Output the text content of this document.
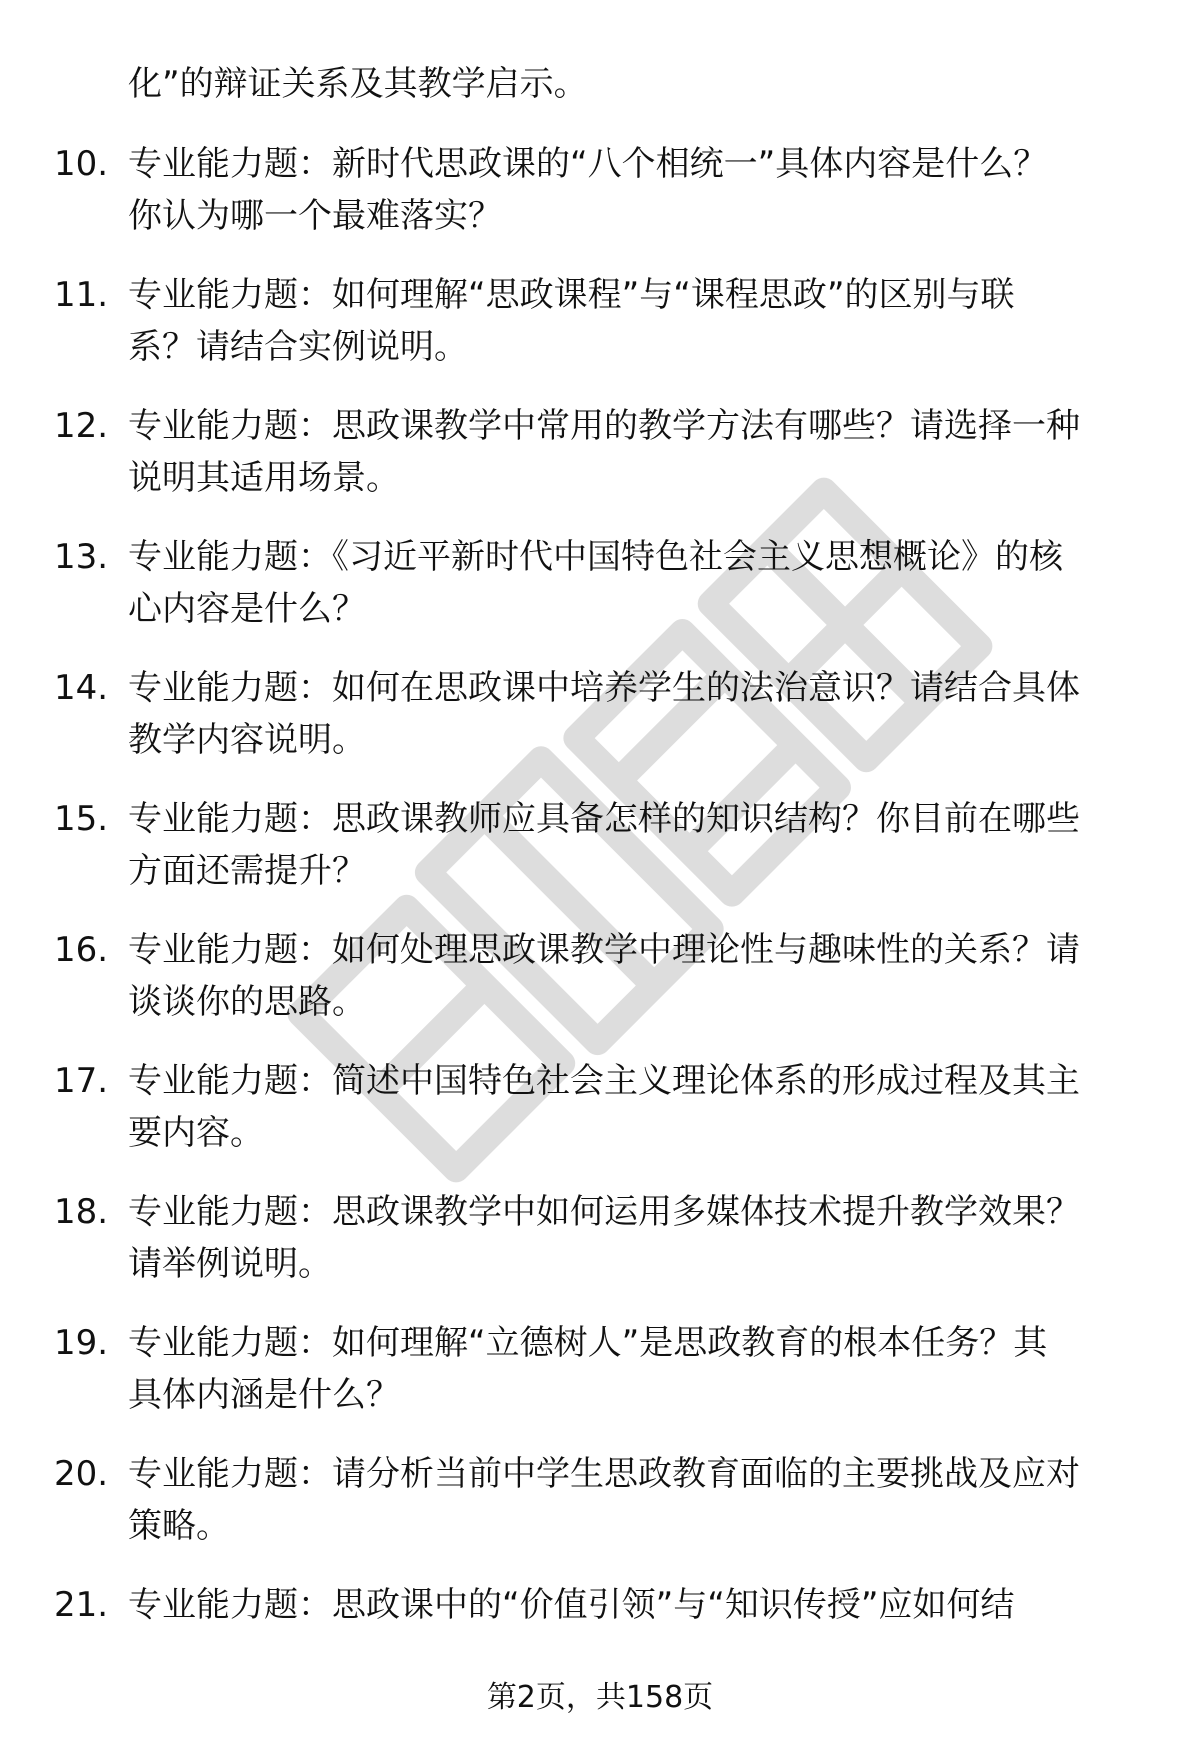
化”的辩证关系及其教学启示。
10. 专业能力题：新时代思政课的“八个相统一”具体内容是什么？
你认为哪一个最难落实？
11. 专业能力题：如何理解“思政课程”与“课程思政”的区别与联
系？请结合实例说明。
12. 专业能力题：思政课教学中常用的教学方法有哪些？请选择一种
说明其适用场景。
13. 专业能力题：《习近平新时代中国特色社会主义思想概论》的核
心内容是什么？
14. 专业能力题：如何在思政课中培养学生的法治意识？请结合具体
教学内容说明。
15. 专业能力题：思政课教师应具备怎样的知识结构？你目前在哪些
方面还需提升？
16. 专业能力题：如何处理思政课教学中理论性与趣味性的关系？请
谈谈你的思路。
17. 专业能力题：简述中国特色社会主义理论体系的形成过程及其主
要内容。
18. 专业能力题：思政课教学中如何运用多媒体技术提升教学效果？
请举例说明。
19. 专业能力题：如何理解“立德树人”是思政教育的根本任务？其
具体内涵是什么？
20. 专业能力题：请分析当前中学生思政教育面临的主要挑战及应对
策略。
21. 专业能力题：思政课中的“价值引领”与“知识传授”应如何结
第2页，共158页
